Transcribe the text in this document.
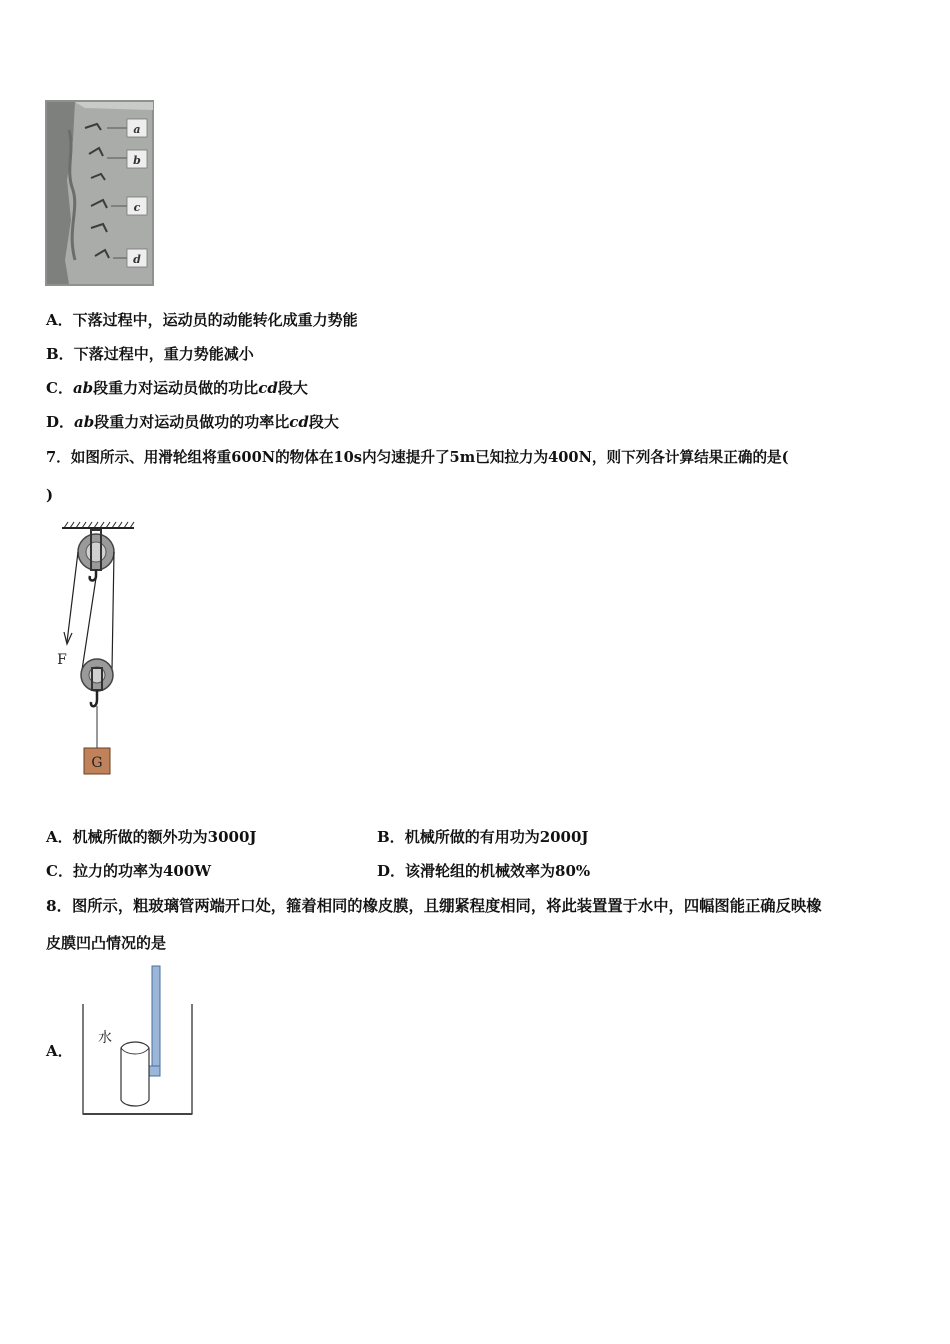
a
b
c
d
A．下落过程中，运动员的动能转化成重力势能
B．下落过程中，重力势能减小
C．ab段重力对运动员做的功比cd段大
D．ab段重力对运动员做功的功率比cd段大
7．如图所示、用滑轮组将重600N的物体在10s内匀速提升了5m已知拉力为400N，则下列各计算结果正确的是(
)
G
F
A．机械所做的额外功为3000J	B．机械所做的有用功为2000J
C．拉力的功率为400W	D．该滑轮组的机械效率为80%
8．图所示，粗玻璃管两端开口处，箍着相同的橡皮膜，且绷紧程度相同，将此装置置于水中，四幅图能正确反映橡
皮膜凹凸情况的是
A．
水
